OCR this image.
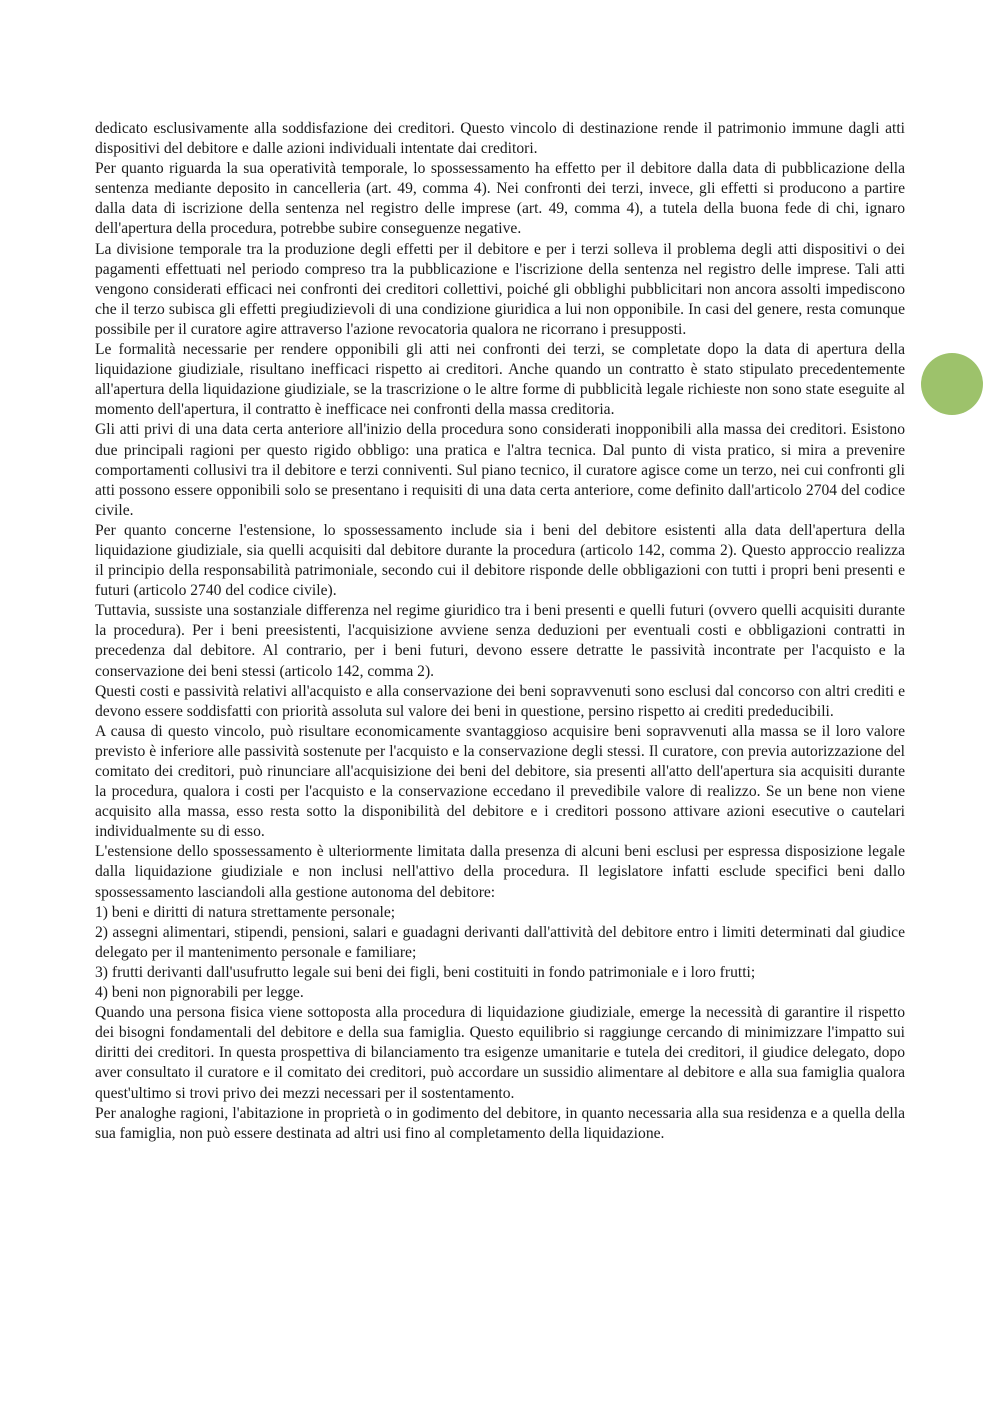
dedicato esclusivamente alla soddisfazione dei creditori. Questo vincolo di destinazione rende il patrimonio immune dagli atti dispositivi del debitore e dalle azioni individuali intentate dai creditori.

Per quanto riguarda la sua operatività temporale, lo spossessamento ha effetto per il debitore dalla data di pubblicazione della sentenza mediante deposito in cancelleria (art. 49, comma 4). Nei confronti dei terzi, invece, gli effetti si producono a partire dalla data di iscrizione della sentenza nel registro delle imprese (art. 49, comma 4), a tutela della buona fede di chi, ignaro dell'apertura della procedura, potrebbe subire conseguenze negative.

La divisione temporale tra la produzione degli effetti per il debitore e per i terzi solleva il problema degli atti dispositivi o dei pagamenti effettuati nel periodo compreso tra la pubblicazione e l'iscrizione della sentenza nel registro delle imprese. Tali atti vengono considerati efficaci nei confronti dei creditori collettivi, poiché gli obblighi pubblicitari non ancora assolti impediscono che il terzo subisca gli effetti pregiudizievoli di una condizione giuridica a lui non opponibile. In casi del genere, resta comunque possibile per il curatore agire attraverso l'azione revocatoria qualora ne ricorrano i presupposti.

Le formalità necessarie per rendere opponibili gli atti nei confronti dei terzi, se completate dopo la data di apertura della liquidazione giudiziale, risultano inefficaci rispetto ai creditori. Anche quando un contratto è stato stipulato precedentemente all'apertura della liquidazione giudiziale, se la trascrizione o le altre forme di pubblicità legale richieste non sono state eseguite al momento dell'apertura, il contratto è inefficace nei confronti della massa creditoria.

Gli atti privi di una data certa anteriore all'inizio della procedura sono considerati inopponibili alla massa dei creditori. Esistono due principali ragioni per questo rigido obbligo: una pratica e l'altra tecnica. Dal punto di vista pratico, si mira a prevenire comportamenti collusivi tra il debitore e terzi conniventi. Sul piano tecnico, il curatore agisce come un terzo, nei cui confronti gli atti possono essere opponibili solo se presentano i requisiti di una data certa anteriore, come definito dall'articolo 2704 del codice civile.

Per quanto concerne l'estensione, lo spossessamento include sia i beni del debitore esistenti alla data dell'apertura della liquidazione giudiziale, sia quelli acquisiti dal debitore durante la procedura (articolo 142, comma 2). Questo approccio realizza il principio della responsabilità patrimoniale, secondo cui il debitore risponde delle obbligazioni con tutti i propri beni presenti e futuri (articolo 2740 del codice civile).

Tuttavia, sussiste una sostanziale differenza nel regime giuridico tra i beni presenti e quelli futuri (ovvero quelli acquisiti durante la procedura). Per i beni preesistenti, l'acquisizione avviene senza deduzioni per eventuali costi e obbligazioni contratti in precedenza dal debitore. Al contrario, per i beni futuri, devono essere detratte le passività incontrate per l'acquisto e la conservazione dei beni stessi (articolo 142, comma 2).

Questi costi e passività relativi all'acquisto e alla conservazione dei beni sopravvenuti sono esclusi dal concorso con altri crediti e devono essere soddisfatti con priorità assoluta sul valore dei beni in questione, persino rispetto ai crediti prededucibili.

A causa di questo vincolo, può risultare economicamente svantaggioso acquisire beni sopravvenuti alla massa se il loro valore previsto è inferiore alle passività sostenute per l'acquisto e la conservazione degli stessi. Il curatore, con previa autorizzazione del comitato dei creditori, può rinunciare all'acquisizione dei beni del debitore, sia presenti all'atto dell'apertura sia acquisiti durante la procedura, qualora i costi per l'acquisto e la conservazione eccedano il prevedibile valore di realizzo. Se un bene non viene acquisito alla massa, esso resta sotto la disponibilità del debitore e i creditori possono attivare azioni esecutive o cautelari individualmente su di esso.

L'estensione dello spossessamento è ulteriormente limitata dalla presenza di alcuni beni esclusi per espressa disposizione legale dalla liquidazione giudiziale e non inclusi nell'attivo della procedura. Il legislatore infatti esclude specifici beni dallo spossessamento lasciandoli alla gestione autonoma del debitore:

1) beni e diritti di natura strettamente personale;

2) assegni alimentari, stipendi, pensioni, salari e guadagni derivanti dall'attività del debitore entro i limiti determinati dal giudice delegato per il mantenimento personale e familiare;

3) frutti derivanti dall'usufrutto legale sui beni dei figli, beni costituiti in fondo patrimoniale e i loro frutti;

4) beni non pignorabili per legge.

Quando una persona fisica viene sottoposta alla procedura di liquidazione giudiziale, emerge la necessità di garantire il rispetto dei bisogni fondamentali del debitore e della sua famiglia. Questo equilibrio si raggiunge cercando di minimizzare l'impatto sui diritti dei creditori. In questa prospettiva di bilanciamento tra esigenze umanitarie e tutela dei creditori, il giudice delegato, dopo aver consultato il curatore e il comitato dei creditori, può accordare un sussidio alimentare al debitore e alla sua famiglia qualora quest'ultimo si trovi privo dei mezzi necessari per il sostentamento.

Per analoghe ragioni, l'abitazione in proprietà o in godimento del debitore, in quanto necessaria alla sua residenza e a quella della sua famiglia, non può essere destinata ad altri usi fino al completamento della liquidazione.
